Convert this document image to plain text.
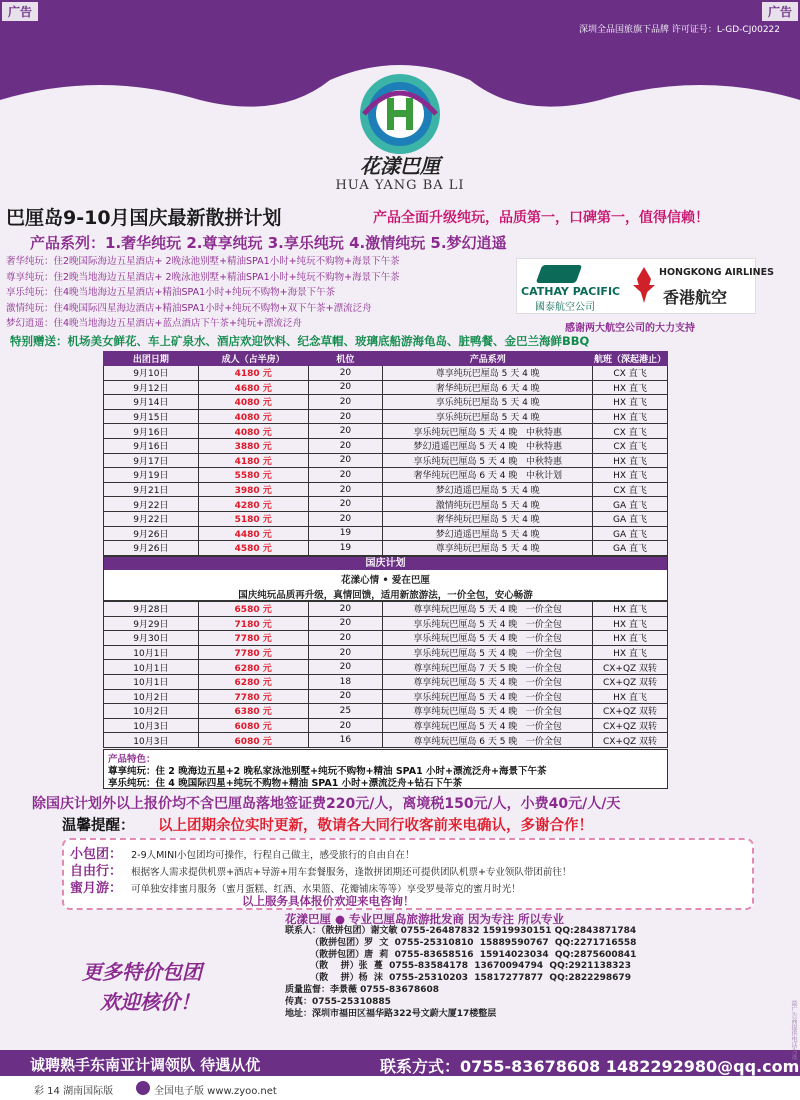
广告	广告
深圳全品国旅旗下品牌 许可证号：L-GD-CJ00222
花漾巴厘
HUA YANG BA LI
巴厘岛9-10月国庆最新散拼计划	产品全面升级纯玩，品质第一，口碑第一，值得信赖！
产品系列：1.奢华纯玩 2.尊享纯玩 3.享乐纯玩 4.激情纯玩 5.梦幻逍遥
奢华纯玩：住2晚国际海边五星酒店+ 2晚泳池别墅+精油SPA1小时+纯玩不购物+海景下午茶
尊享纯玩：住2晚当地海边五星酒店+ 2晚泳池别墅+精油SPA1小时+纯玩不购物+海景下午茶
享乐纯玩：住4晚当地海边五星酒店+精油SPA1小时+纯玩不购物+海景下午茶
激情纯玩：住4晚国际四星海边酒店+精油SPA1小时+纯玩不购物+双下午茶+漂流泛舟
梦幻逍遥：住4晚当地海边五星酒店+蓝点酒店下午茶+纯玩+漂流泛舟
CATHAY PACIFIC
國泰航空公司
HONGKONG AIRLINES
香港航空
感谢两大航空公司的大力支持
特别赠送：机场美女鲜花、车上矿泉水、酒店欢迎饮料、纪念草帽、玻璃底船游海龟岛、脏鸭餐、金巴兰海鲜BBQ
出团日期	成人（占半房）	机位	产品系列	航班（深起港止）
9月10日	4180 元	20	尊享纯玩巴厘岛 5 天 4 晚	CX 直飞
9月12日	4680 元	20	奢华纯玩巴厘岛 6 天 4 晚	HX 直飞
9月14日	4080 元	20	享乐纯玩巴厘岛 5 天 4 晚	HX 直飞
9月15日	4080 元	20	享乐纯玩巴厘岛 5 天 4 晚	HX 直飞
9月16日	4080 元	20	享乐纯玩巴厘岛 5 天 4 晚   中秋特惠	CX 直飞
9月16日	3880 元	20	梦幻逍遥巴厘岛 5 天 4 晚   中秋特惠	CX 直飞
9月17日	4180 元	20	享乐纯玩巴厘岛 5 天 4 晚   中秋特惠	HX 直飞
9月19日	5580 元	20	奢华纯玩巴厘岛 6 天 4 晚   中秋计划	HX 直飞
9月21日	3980 元	20	梦幻逍遥巴厘岛 5 天 4 晚	CX 直飞
9月22日	4280 元	20	激情纯玩巴厘岛 5 天 4 晚	GA 直飞
9月22日	5180 元	20	奢华纯玩巴厘岛 5 天 4 晚	GA 直飞
9月26日	4480 元	19	梦幻逍遥巴厘岛 5 天 4 晚	GA 直飞
9月26日	4580 元	19	尊享纯玩巴厘岛 5 天 4 晚	GA 直飞
国庆计划
花漾心情 • 爱在巴厘
国庆纯玩品质再升级，真情回馈，适用新旅游法，一价全包，安心畅游
9月28日	6580 元	20	尊享纯玩巴厘岛 5 天 4 晚   一价全包	HX 直飞
9月29日	7180 元	20	享乐纯玩巴厘岛 5 天 4 晚   一价全包	HX 直飞
9月30日	7780 元	20	享乐纯玩巴厘岛 5 天 4 晚   一价全包	HX 直飞
10月1日	7780 元	20	享乐纯玩巴厘岛 5 天 4 晚   一价全包	HX 直飞
10月1日	6280 元	20	尊享纯玩巴厘岛 7 天 5 晚   一价全包	CX+QZ 双转
10月1日	6280 元	18	尊享纯玩巴厘岛 5 天 4 晚   一价全包	CX+QZ 双转
10月2日	7780 元	20	享乐纯玩巴厘岛 5 天 4 晚   一价全包	HX 直飞
10月2日	6380 元	25	尊享纯玩巴厘岛 5 天 4 晚   一价全包	CX+QZ 双转
10月3日	6080 元	20	尊享纯玩巴厘岛 5 天 4 晚   一价全包	CX+QZ 双转
10月3日	6080 元	16	尊享纯玩巴厘岛 6 天 5 晚   一价全包	CX+QZ 双转
产品特色：
尊享纯玩：住 2 晚海边五星+2 晚私家泳池别墅+纯玩不购物+精油 SPA1 小时+漂流泛舟+海景下午茶
享乐纯玩：住 4 晚国际四星+纯玩不购物+精油 SPA1 小时+漂流泛舟+钻石下午茶
除国庆计划外以上报价均不含巴厘岛落地签证费220元/人，离境税150元/人，小费40元/人/天
温馨提醒： 以上团期余位实时更新，敬请各大同行收客前来电确认，多谢合作！
小包团： 2-9人MINI小包团均可操作，行程自己做主，感受旅行的自由自在！
自由行： 根据客人需求提供机票+酒店+导游+用车套餐服务，逢散拼团期还可提供团队机票+专业领队带团前往！
蜜月游： 可单独安排蜜月服务（蜜月蛋糕、红酒、水果篮、花瓣铺床等等）享受罗曼蒂克的蜜月时光！
以上服务具体报价欢迎来电咨询！
更多特价包团
欢迎核价！
花漾巴厘 ● 专业巴厘岛旅游批发商 因为专注 所以专业
联系人：（散拼包团）谢文敏 0755-26487832 15919930151 QQ:2843871784
（散拼包团）罗  文  0755-25310810  15889590767  QQ:2271716558
（散拼包团）唐  莉  0755-83658516  15914023034  QQ:2875600841
（散    拼）张  蔓  0755-83584178  13670094794  QQ:2921138323
（散    拼）杨  沫  0755-25310203  15817277877  QQ:2822298679
质量监督：李景薇 0755-83678608
传真：0755-25310885
地址：深圳市福田区福华路322号文蔚大厦17楼整层
诚聘熟手东南亚计调领队 待遇从优	联系方式：0755-83678608 1482292980@qq.com
彩 14 湖南国际版	全国电子版 www.zyoo.net
最广告商提供电话为准
